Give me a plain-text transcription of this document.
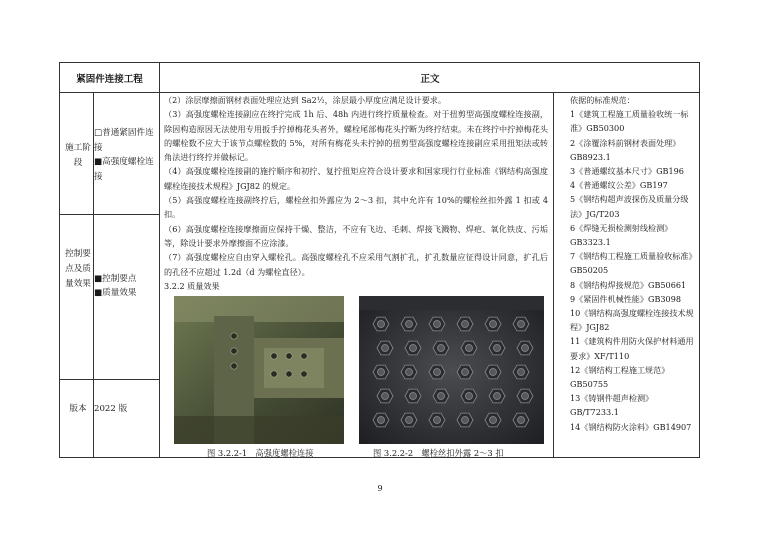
紧固件连接工程	正文
施工阶段
□普通紧固件连接
■高强度螺栓连接
控制要点及质量效果 ■控制要点
■质量效果
版本 2022 版

（2）涂层摩擦面钢材表面处理应达到 Sa2½，涂层最小厚度应满足设计要求。

（3）高强度螺栓连接副应在终拧完成 1h 后、48h 内进行终拧质量检查。对于扭剪型高强度螺栓连接副，除因构造原因无法使用专用扳手拧掉梅花头者外，螺栓尾部梅花头拧断为终拧结束。未在终拧中拧掉梅花头的螺栓数不应大于该节点螺栓数的 5%，对所有梅花头未拧掉的扭剪型高强度螺栓连接副应采用扭矩法或转角法进行终拧并做标记。

（4）高强度螺栓连接副的施拧顺序和初拧、复拧扭矩应符合设计要求和国家现行行业标准《钢结构高强度螺栓连接技术规程》JGJ82 的规定。

（5）高强度螺栓连接副终拧后，螺栓丝扣外露应为 2～3 扣，其中允许有 10%的螺栓丝扣外露 1 扣或 4 扣。

（6）高强度螺栓连接摩擦面应保持干燥、整洁，不应有飞边、毛刺、焊接飞溅物、焊疤、氧化铁皮、污垢等，除设计要求外摩擦面不应涂漆。

（7）高强度螺栓应自由穿入螺栓孔。高强度螺栓孔不应采用气割扩孔，扩孔数量应征得设计同意，扩孔后的孔径不应超过 1.2d（d 为螺栓直径）。

3.2.2 质量效果

图 3.2.2-1　高强度螺栓连接	图 3.2.2-2　螺栓丝扣外露 2～3 扣

依据的标准规范：

1《建筑工程施工质量验收统一标准》GB50300

2《涂覆涂料前钢材表面处理》GB8923.1

3《普通螺纹基本尺寸》GB196

4《普通螺纹公差》GB197

5《钢结构超声波探伤及质量分级法》JG/T203

6《焊缝无损检测射线检测》GB3323.1

7《钢结构工程施工质量验收标准》GB50205

8《钢结构焊接规范》GB50661

9《紧固件机械性能》GB3098

10《钢结构高强度螺栓连接技术规程》JGJ82

11《建筑构件用防火保护材料通用要求》XF/T110

12《钢结构工程施工规范》GB50755

13《铸钢件超声检测》GB/T7233.1

14《钢结构防火涂料》GB14907

9
